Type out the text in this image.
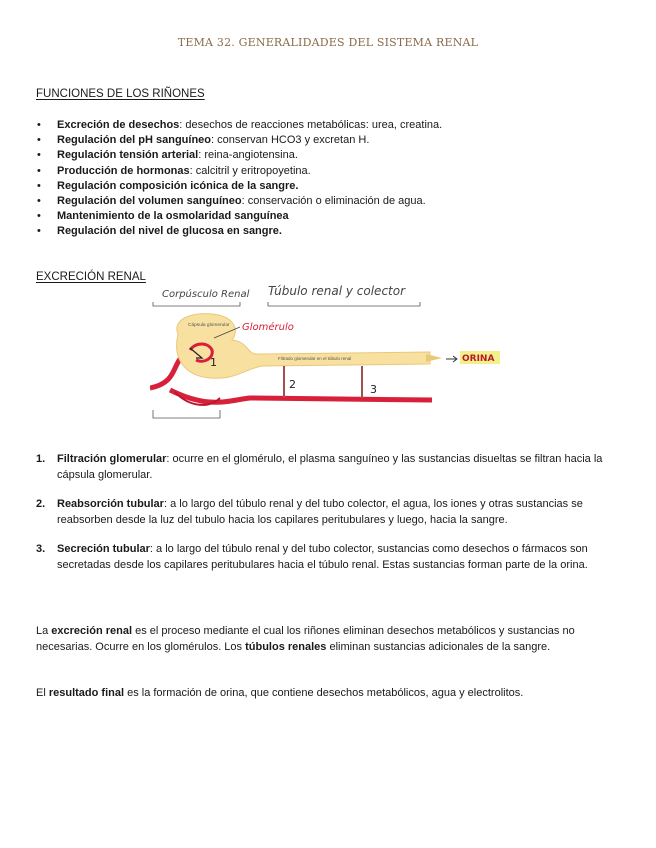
TEMA 32. GENERALIDADES DEL SISTEMA RENAL
FUNCIONES DE LOS RIÑONES
• Excreción de desechos: desechos de reacciones metabólicas: urea, creatina.
• Regulación del pH sanguíneo: conservan HCO3 y excretan H.
• Regulación tensión arterial: reina-angiotensina.
• Producción de hormonas: calcitril y eritropoyetina.
• Regulación composición icónica de la sangre.
• Regulación del volumen sanguíneo: conservación o eliminación de agua.
• Mantenimiento de la osmolaridad sanguínea
• Regulación del nivel de glucosa en sangre.
EXCRECIÓN RENAL
Corpúsculo Renal Túbulo renal y colector
Cápsula glomerular Glomérulo
Filtrado glomerular en el túbulo renal
1
2	3
ORINA
1. Filtración glomerular: ocurre en el glomérulo, el plasma sanguíneo y las sustancias disueltas se filtran hacia la cápsula glomerular.
2. Reabsorción tubular: a lo largo del túbulo renal y del tubo colector, el agua, los iones y otras sustancias se reabsorben desde la luz del tubulo hacia los capilares peritubulares y luego, hacia la sangre.
3. Secreción tubular: a lo largo del túbulo renal y del tubo colector, sustancias como desechos o fármacos son secretadas desde los capilares peritubulares hacia el túbulo renal. Estas sustancias forman parte de la orina.

La excreción renal es el proceso mediante el cual los riñones eliminan desechos metabólicos y sustancias no necesarias. Ocurre en los glomérulos. Los túbulos renales eliminan sustancias adicionales de la sangre.

El resultado final es la formación de orina, que contiene desechos metabólicos, agua y electrolitos.
